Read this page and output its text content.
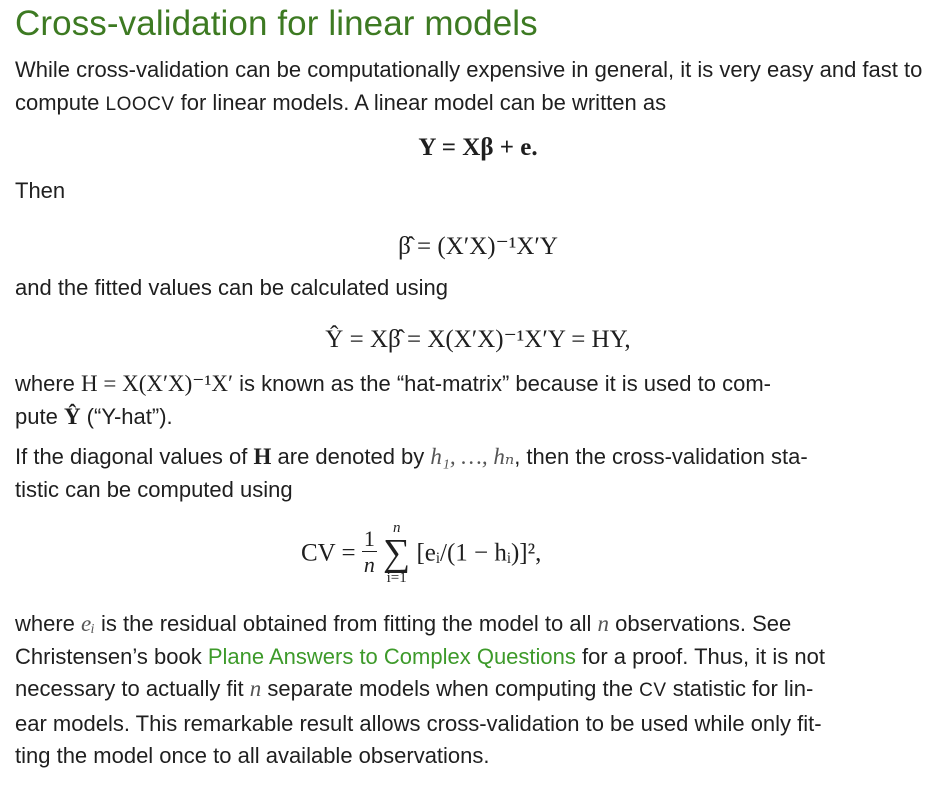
Cross-validation for linear models

While cross-validation can be computationally expensive in general, it is very easy and fast to compute LOOCV for linear models. A linear model can be written as

Y = Xβ + e.

Then

β̂ = (X′X)⁻¹X′Y

and the fitted values can be calculated using

Ŷ = Xβ̂ = X(X′X)⁻¹X′Y = HY,

where H = X(X′X)⁻¹X′ is known as the “hat-matrix” because it is used to com-
pute Ŷ (“Y-hat”).

If the diagonal values of H are denoted by h₁, …, hₙ, then the cross-validation sta-
tistic can be computed using

CV = $\frac{1}{n}$
	n
∑
i=1
[eᵢ/(1 − hᵢ)]²,

where eᵢ is the residual obtained from fitting the model to all n observations. See
Christensen’s book Plane Answers to Complex Questions for a proof. Thus, it is not
necessary to actually fit n separate models when computing the CV statistic for lin-
ear models. This remarkable result allows cross-validation to be used while only fit-
ting the model once to all available observations.
